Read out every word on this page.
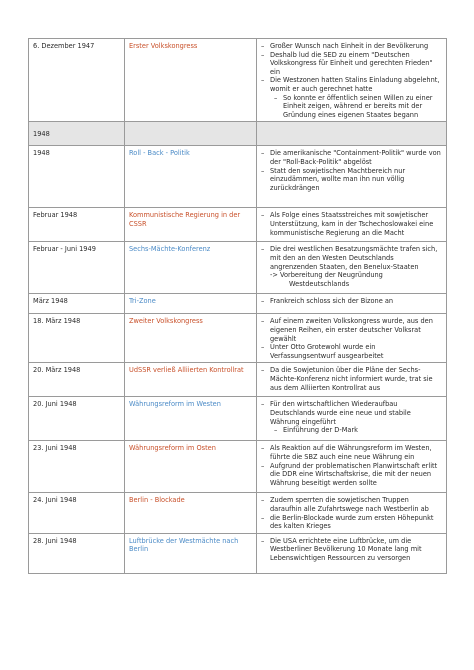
6. Dezember 1947	Erster Volkskongress	– Großer Wunsch nach Einheit in der Bevölkerung
– Deshalb lud die SED zu einem "Deutschen Volkskongress für Einheit und gerechten Frieden" ein
– Die Westzonen hatten Stalins Einladung abgelehnt, womit er auch gerechnet hatte
– So konnte er öffentlich seinen Willen zu einer Einheit zeigen, während er bereits mit der Gründung eines eigenen Staates begann

1948		
1948	Roll - Back - Politik	– Die amerikanische "Containment-Politik" wurde von der "Roll-Back-Politik" abgelöst
– Statt den sowjetischen Machtbereich nur einzudämmen, wollte man ihn nun völlig zurückdrängen

Februar 1948	Kommunistische Regierung in der CSSR	– Als Folge eines Staatsstreiches mit sowjetischer Unterstützung, kam in der Tschechoslowakei eine kommunistische Regierung an die Macht

Februar - Juni 1949	Sechs-Mächte-Konferenz	– Die drei westlichen Besatzungsmächte trafen sich, mit den an den Westen Deutschlands angrenzenden Staaten, den Benelux-Staaten
-> Vorbereitung der Neugründung
Westdeutschlands

März 1948	Tri-Zone	– Frankreich schloss sich der Bizone an

18. März 1948	Zweiter Volkskongress	– Auf einem zweiten Volkskongress wurde, aus den eigenen Reihen, ein erster deutscher Volksrat gewählt
– Unter Otto Grotewohl wurde ein Verfassungsentwurf ausgearbeitet

20. März 1948	UdSSR verließ Alliierten Kontrollrat	– Da die Sowjetunion über die Pläne der Sechs-Mächte-Konferenz nicht informiert wurde, trat sie aus dem Alliierten Kontrollrat aus

20. Juni 1948	Währungsreform im Westen	– Für den wirtschaftlichen Wiederaufbau Deutschlands wurde eine neue und stabile Währung eingeführt
– Einführung der D-Mark

23. Juni 1948	Währungsreform im Osten	– Als Reaktion auf die Währungsreform im Westen, führte die SBZ auch eine neue Währung ein
– Aufgrund der problematischen Planwirtschaft erlitt die DDR eine Wirtschaftskrise, die mit der neuen Währung beseitigt werden sollte

24. Juni 1948	Berlin - Blockade	– Zudem sperrten die sowjetischen Truppen daraufhin alle Zufahrtswege nach Westberlin ab
– die Berlin-Blockade wurde zum ersten Höhepunkt des kalten Krieges

28. Juni 1948	Luftbrücke der Westmächte nach Berlin	– Die USA errichtete eine Luftbrücke, um die Westberliner Bevölkerung 10 Monate lang mit Lebenswichtigen Ressourcen zu versorgen
